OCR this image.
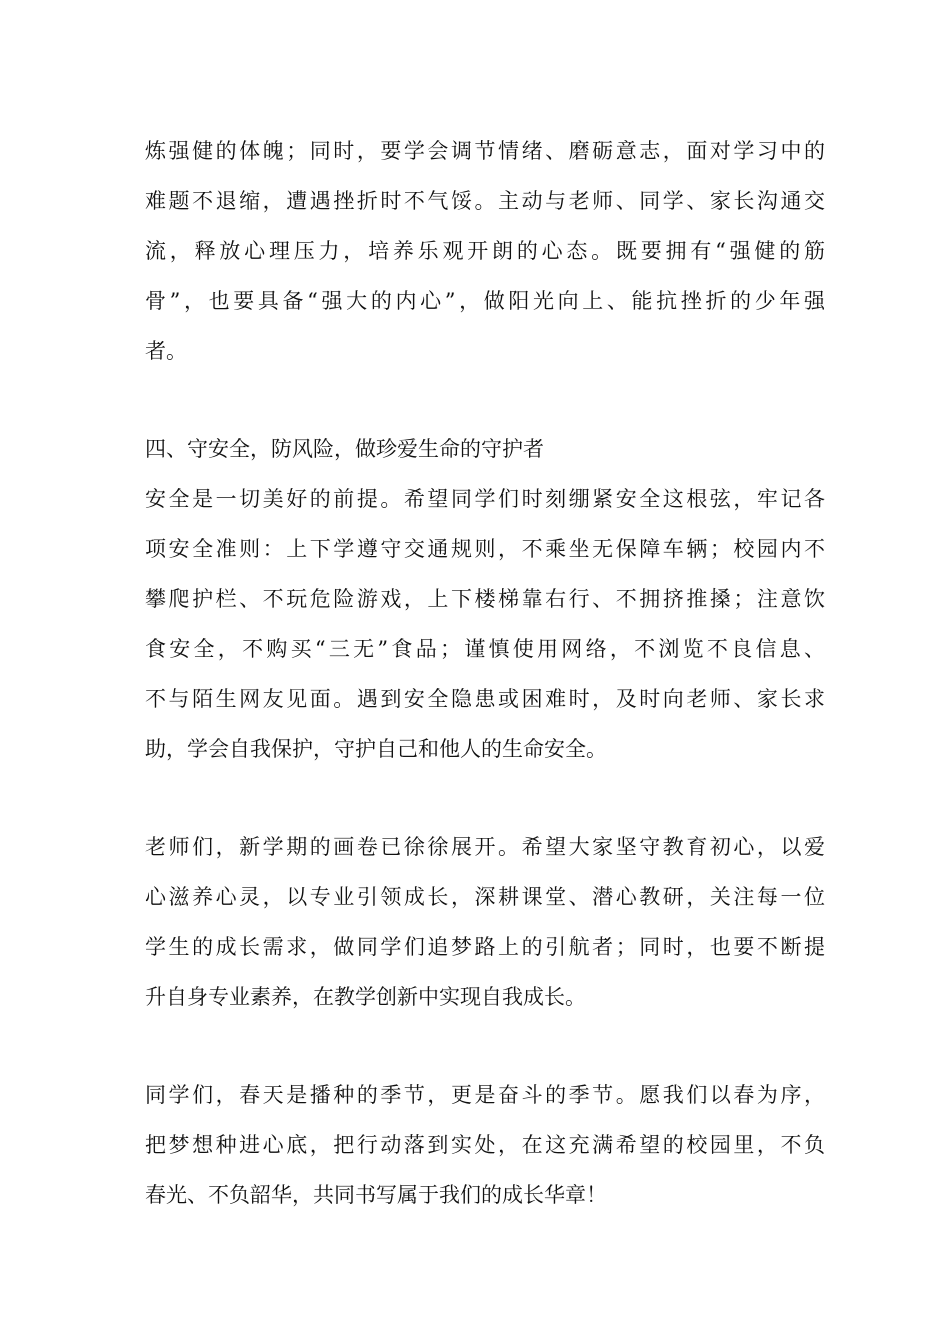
炼强健的体魄；同时，要学会调节情绪、磨砺意志，面对学习中的
难题不退缩，遭遇挫折时不气馁。主动与老师、同学、家长沟通交
流，释放心理压力，培养乐观开朗的心态。既要拥有“强健的筋
骨”，也要具备“强大的内心”，做阳光向上、能抗挫折的少年强
者。
四、守安全，防风险，做珍爱生命的守护者
安全是一切美好的前提。希望同学们时刻绷紧安全这根弦，牢记各
项安全准则：上下学遵守交通规则，不乘坐无保障车辆；校园内不
攀爬护栏、不玩危险游戏，上下楼梯靠右行、不拥挤推搡；注意饮
食安全，不购买“三无”食品；谨慎使用网络，不浏览不良信息、
不与陌生网友见面。遇到安全隐患或困难时，及时向老师、家长求
助，学会自我保护，守护自己和他人的生命安全。
老师们，新学期的画卷已徐徐展开。希望大家坚守教育初心，以爱
心滋养心灵，以专业引领成长，深耕课堂、潜心教研，关注每一位
学生的成长需求，做同学们追梦路上的引航者；同时，也要不断提
升自身专业素养，在教学创新中实现自我成长。
同学们，春天是播种的季节，更是奋斗的季节。愿我们以春为序，
把梦想种进心底，把行动落到实处，在这充满希望的校园里，不负
春光、不负韶华，共同书写属于我们的成长华章！
